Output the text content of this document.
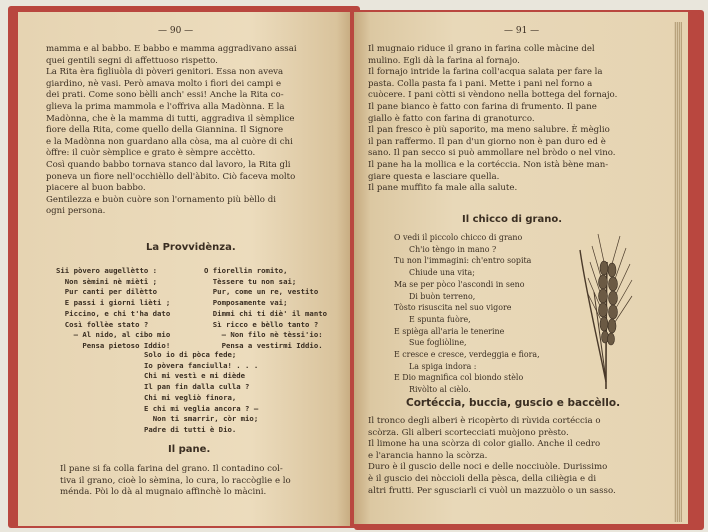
— 90 —

mamma e al babbo. E babbo e mamma aggradivano assai

quei gentili segni di affettuoso rispetto.

La Rita èra figliuòla di pòveri genitori. Essa non aveva

giardino, nè vasi. Però amava molto i fiori dei campi e

dei prati. Come sono bèlli anch' essi! Anche la Rita co-

glieva la prima mammola e l'offriva alla Madònna. E la

Madònna, che è la mamma di tutti, aggradiva il sèmplice

fiore della Rita, come quello della Giannina. Il Signore

e la Madònna non guardano alla còsa, ma al cuòre di chi

òffre: il cuòr sèmplice e grato è sèmpre accètto.

Così quando babbo tornava stanco dal lavoro, la Rita gli

poneva un fiore nell'occhièllo dell'àbito. Ciò faceva molto

piacere al buon babbo.

Gentilezza e buòn cuòre son l'ornamento più bèllo di

ogni persona.

La Provvidènza.
Sii pòvero augellètto :
Non sèmini nè miètî ;
Pur canti per dilètto
E passi i giorni lièti ;
Piccino, e chi t'ha dato
Così follèe stato ?
— Al nido, al cibo mio
Pensa pietoso Iddio!
O fiorellin romito,
Tèssere tu non sai;
Pur, come un re, vestito
Pomposamente vai;
Dimmi chi ti diè' il manto
Sì ricco e bèllo tanto ?
— Non filo nè tèssi'io:
Pensa a vestirmi Iddio.
Solo io di pòca fede;
Io pòvera fanciulla! . . .
Chi mi vestì e mi diède
Il pan fin dalla culla ?
Chi mi vegliò finora,
E chi mi veglia ancora ? —
Non ti smarrir, còr mio;
Padre di tutti è Dio.
Il pane.

Il pane si fa colla farina del grano. Il contadino col-

tiva il grano, cioè lo sèmina, lo cura, lo raccòglie e lo

ménda. Pòi lo dà al mugnaio affinchè lo màcini.

— 91 —

Il mugnaio riduce il grano in farina colle màcine del

mulino. Egli dà la farina al fornajo.

Il fornajo intride la farina coll'acqua salata per fare la

pasta. Colla pasta fa i pani. Mette i pani nel forno a

cuòcere. I pani còtti si vèndono nella bottega del fornajo.

Il pane bianco è fatto con farina di frumento. Il pane

giallo è fatto con farina di granoturco.

Il pan fresco è più saporito, ma meno salubre. È mèglio

il pan raffermo. Il pan d'un giorno non è pan duro ed è

sano. Il pan secco si può ammollare nel bròdo o nel vino.

Il pane ha la mollica e la cortéccia. Non istà bène man-

giare questa e lasciare quella.

Il pane muffito fa male alla salute.

Il chicco di grano.
O vedi il piccolo chicco di grano
Ch'io tèngo in mano ?
Tu non l'immagini: ch'entro sopita
Chiude una vita;
Ma se per pòco l'ascondi in seno
Di buòn terreno,
Tòsto risuscita nel suo vigore
E spunta fuòre,
E spièga all'aria le tenerine
Sue fogliòline,
E cresce e cresce, verdeggia e fiora,
La spiga indora :
E Dio magnifica col biondo stèlo
Rivòlto al cièlo.
Cortéccia, buccia, guscio e baccèllo.

Il tronco degli alberi è ricopèrto di rùvida cortéccia o

scòrza. Gli alberi scortecciati muòjono prèsto.

Il limone ha una scòrza di color giallo. Anche il cedro

e l'arancia hanno la scòrza.

Duro è il guscio delle noci e delle nocciuòle. Durissimo

è il guscio dei nòccioli della pèsca, della ciliègia e di

altri frutti. Per sgusciarli ci vuòl un mazzuòlo o un sasso.
